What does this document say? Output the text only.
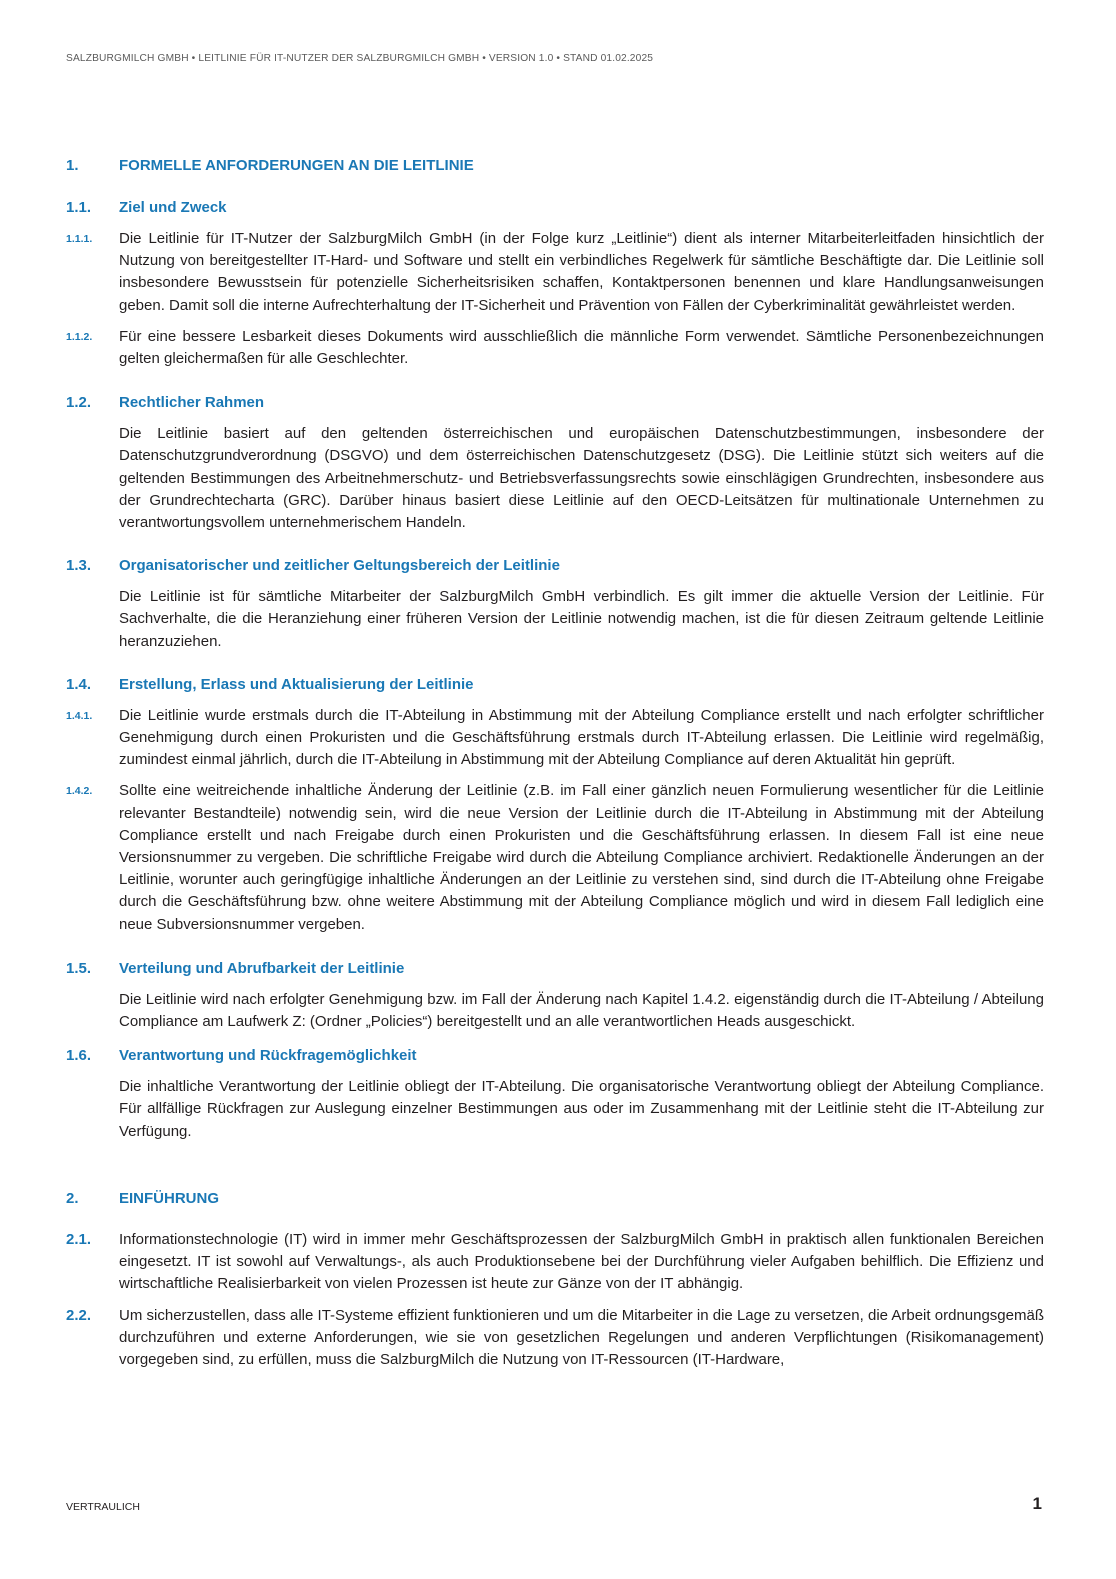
SALZBURGMILCH GMBH • LEITLINIE FÜR IT-NUTZER DER SALZBURGMILCH GMBH • VERSION 1.0 • STAND 01.02.2025
1.	FORMELLE ANFORDERUNGEN AN DIE LEITLINIE
1.1. Ziel und Zweck
1.1.1. Die Leitlinie für IT-Nutzer der SalzburgMilch GmbH (in der Folge kurz „Leitlinie“) dient als interner Mitarbeiterleitfaden hinsichtlich der Nutzung von bereitgestellter IT-Hard- und Software und stellt ein verbindliches Regelwerk für sämtliche Beschäftigte dar. Die Leitlinie soll insbesondere Bewusstsein für potenzielle Sicherheitsrisiken schaffen, Kontaktpersonen benennen und klare Handlungsanweisungen geben. Damit soll die interne Aufrechterhaltung der IT-Sicherheit und Prävention von Fällen der Cyberkriminalität gewährleistet werden.
1.1.2. Für eine bessere Lesbarkeit dieses Dokuments wird ausschließlich die männliche Form verwendet. Sämtliche Personenbezeichnungen gelten gleichermaßen für alle Geschlechter.
1.2. Rechtlicher Rahmen
Die Leitlinie basiert auf den geltenden österreichischen und europäischen Datenschutzbestimmungen, insbesondere der Datenschutzgrundverordnung (DSGVO) und dem österreichischen Datenschutzgesetz (DSG). Die Leitlinie stützt sich weiters auf die geltenden Bestimmungen des Arbeitnehmerschutz- und Betriebsverfassungsrechts sowie einschlägigen Grundrechten, insbesondere aus der Grundrechtecharta (GRC). Darüber hinaus basiert diese Leitlinie auf den OECD-Leitsätzen für multinationale Unternehmen zu verantwortungsvollem unternehmerischem Handeln.
1.3. Organisatorischer und zeitlicher Geltungsbereich der Leitlinie
Die Leitlinie ist für sämtliche Mitarbeiter der SalzburgMilch GmbH verbindlich. Es gilt immer die aktuelle Version der Leitlinie. Für Sachverhalte, die die Heranziehung einer früheren Version der Leitlinie notwendig machen, ist die für diesen Zeitraum geltende Leitlinie heranzuziehen.
1.4. Erstellung, Erlass und Aktualisierung der Leitlinie
1.4.1. Die Leitlinie wurde erstmals durch die IT-Abteilung in Abstimmung mit der Abteilung Compliance erstellt und nach erfolgter schriftlicher Genehmigung durch einen Prokuristen und die Geschäftsführung erstmals durch IT-Abteilung erlassen. Die Leitlinie wird regelmäßig, zumindest einmal jährlich, durch die IT-Abteilung in Abstimmung mit der Abteilung Compliance auf deren Aktualität hin geprüft.
1.4.2. Sollte eine weitreichende inhaltliche Änderung der Leitlinie (z.B. im Fall einer gänzlich neuen Formulierung wesentlicher für die Leitlinie relevanter Bestandteile) notwendig sein, wird die neue Version der Leitlinie durch die IT-Abteilung in Abstimmung mit der Abteilung Compliance erstellt und nach Freigabe durch einen Prokuristen und die Geschäftsführung erlassen. In diesem Fall ist eine neue Versionsnummer zu vergeben. Die schriftliche Freigabe wird durch die Abteilung Compliance archiviert. Redaktionelle Änderungen an der Leitlinie, worunter auch geringfügige inhaltliche Änderungen an der Leitlinie zu verstehen sind, sind durch die IT-Abteilung ohne Freigabe durch die Geschäftsführung bzw. ohne weitere Abstimmung mit der Abteilung Compliance möglich und wird in diesem Fall lediglich eine neue Subversionsnummer vergeben.
1.5. Verteilung und Abrufbarkeit der Leitlinie
Die Leitlinie wird nach erfolgter Genehmigung bzw. im Fall der Änderung nach Kapitel 1.4.2. eigenständig durch die IT-Abteilung / Abteilung Compliance am Laufwerk Z: (Ordner „Policies“) bereitgestellt und an alle verantwortlichen Heads ausgeschickt.
1.6. Verantwortung und Rückfragemöglichkeit
Die inhaltliche Verantwortung der Leitlinie obliegt der IT-Abteilung. Die organisatorische Verantwortung obliegt der Abteilung Compliance. Für allfällige Rückfragen zur Auslegung einzelner Bestimmungen aus oder im Zusammenhang mit der Leitlinie steht die IT-Abteilung zur Verfügung.
2.	EINFÜHRUNG
2.1. Informationstechnologie (IT) wird in immer mehr Geschäftsprozessen der SalzburgMilch GmbH in praktisch allen funktionalen Bereichen eingesetzt. IT ist sowohl auf Verwaltungs-, als auch Produktionsebene bei der Durchführung vieler Aufgaben behilflich. Die Effizienz und wirtschaftliche Realisierbarkeit von vielen Prozessen ist heute zur Gänze von der IT abhängig.
2.2. Um sicherzustellen, dass alle IT-Systeme effizient funktionieren und um die Mitarbeiter in die Lage zu versetzen, die Arbeit ordnungsgemäß durchzuführen und externe Anforderungen, wie sie von gesetzlichen Regelungen und anderen Verpflichtungen (Risikomanagement) vorgegeben sind, zu erfüllen, muss die SalzburgMilch die Nutzung von IT-Ressourcen (IT-Hardware,
VERTRAULICH	1
